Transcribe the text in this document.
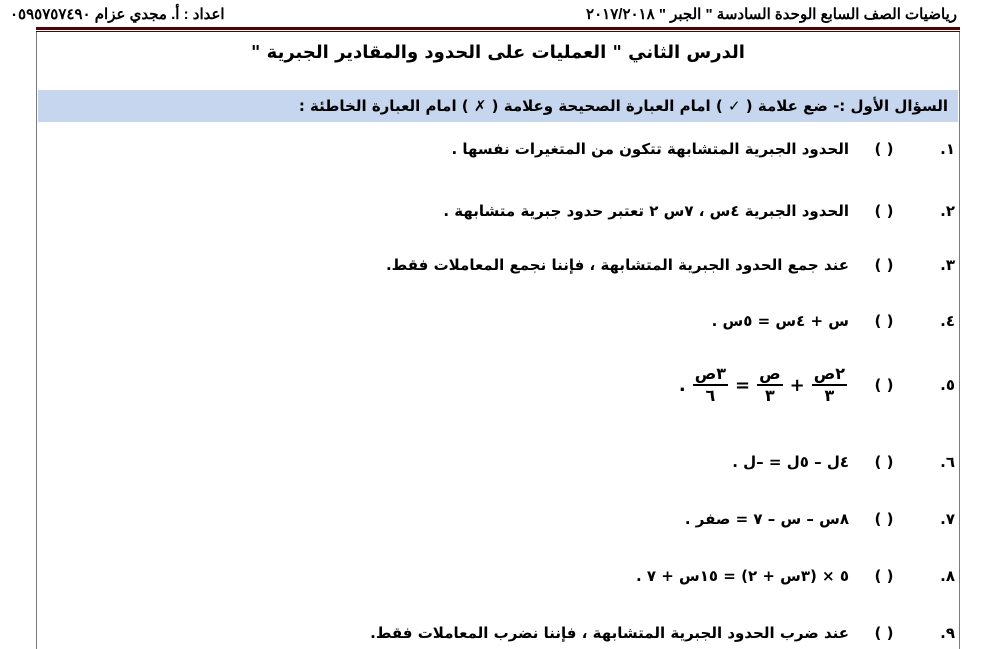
رياضيات الصف السابع الوحدة السادسة " الجبر " ٢٠١٧/٢٠١٨
اعداد : أ. مجدي عزام ٠٥٩٥٧٥٧٤٩٠
الدرس الثاني " العمليات على الحدود والمقادير الجبرية "
السؤال الأول :- ضع علامة ( ✓ ) امام العبارة الصحيحة وعلامة ( ✗ ) امام العبارة الخاطئة :
١.
( )
الحدود الجبرية المتشابهة تتكون من المتغيرات نفسها .
٢.
( )
الحدود الجبرية ٤س ، ٧س ٢ تعتبر حدود جبرية متشابهة .
٣.
( )
عند جمع الحدود الجبرية المتشابهة ، فإننا نجمع المعاملات فقط.
٤.
( )
س + ٤س = ٥س .
٥.
( )
$\frac{\text{٢ص}}{٣}$
+
$\frac{\text{ص}}{٣}$
=
$\frac{\text{٣ص}}{٦}$
.
٦.
( )
٤ل – ٥ل = –ل .
٧.
( )
٨س – س – ٧ = صفر .
٨.
( )
٥ × (٣س + ٢) = ١٥س + ٧ .
٩.
( )
عند ضرب الحدود الجبرية المتشابهة ، فإننا نضرب المعاملات فقط.
